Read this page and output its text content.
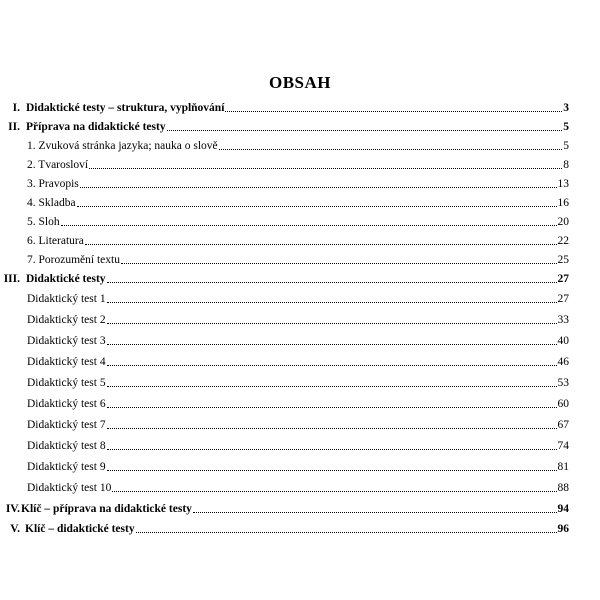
OBSAH
I. Didaktické testy – struktura, vyplňování	3
II. Příprava na didaktické testy	5
1. Zvuková stránka jazyka; nauka o slově	5
2. Tvarosloví	8
3. Pravopis	13
4. Skladba	16
5. Sloh	20
6. Literatura	22
7. Porozumění textu	25
III. Didaktické testy	27
Didaktický test 1	27
Didaktický test 2	33
Didaktický test 3	40
Didaktický test 4	46
Didaktický test 5	53
Didaktický test 6	60
Didaktický test 7	67
Didaktický test 8	74
Didaktický test 9	81
Didaktický test 10	88
IV. Klíč – příprava na didaktické testy	94
V. Klíč – didaktické testy	96
